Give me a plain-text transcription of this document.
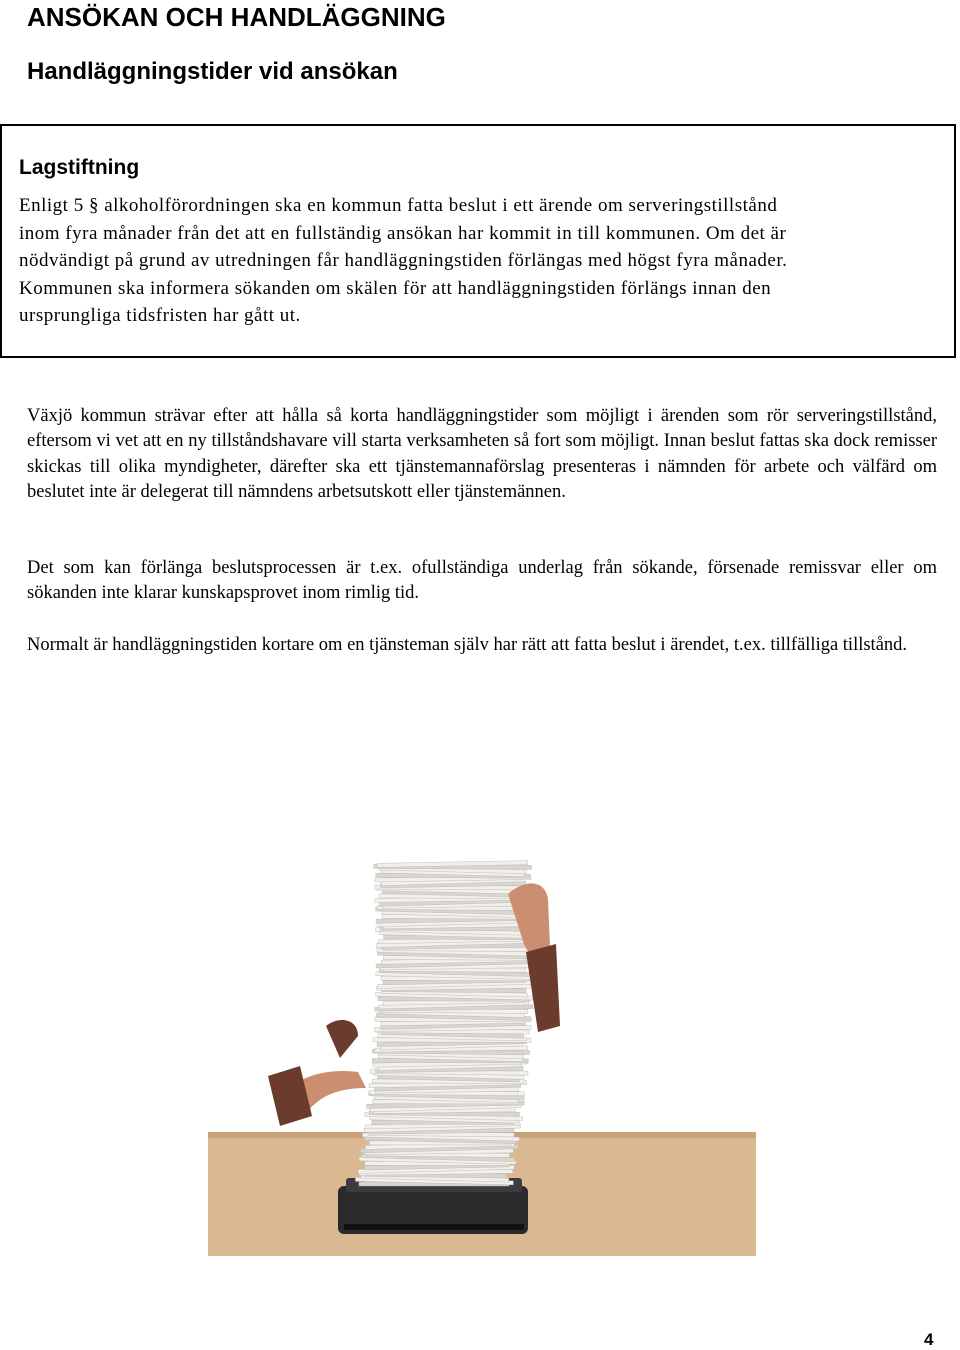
ANSÖKAN OCH HANDLÄGGNING
Handläggningstider vid ansökan
Lagstiftning

Enligt 5 § alkoholförordningen ska en kommun fatta beslut i ett ärende om serveringstillstånd
inom fyra månader från det att en fullständig ansökan har kommit in till kommunen. Om det är
nödvändigt på grund av utredningen får handläggningstiden förlängas med högst fyra månader.
Kommunen ska informera sökanden om skälen för att handläggningstiden förlängs innan den
ursprungliga tidsfristen har gått ut.

Växjö kommun strävar efter att hålla så korta handläggningstider som möjligt i ärenden som rör serveringstillstånd, eftersom vi vet att en ny tillståndshavare vill starta verksamheten så fort som möjligt. Innan beslut fattas ska dock remisser skickas till olika myndigheter, därefter ska ett tjänstemannaförslag presenteras i nämnden för arbete och välfärd om beslutet inte är delegerat till nämndens arbetsutskott eller tjänstemännen.

Det som kan förlänga beslutsprocessen är t.ex. ofullständiga underlag från sökande, försenade remissvar eller om sökanden inte klarar kunskapsprovet inom rimlig tid.

Normalt är handläggningstiden kortare om en tjänsteman själv har rätt att fatta beslut i ärendet, t.ex. tillfälliga tillstånd.

4
